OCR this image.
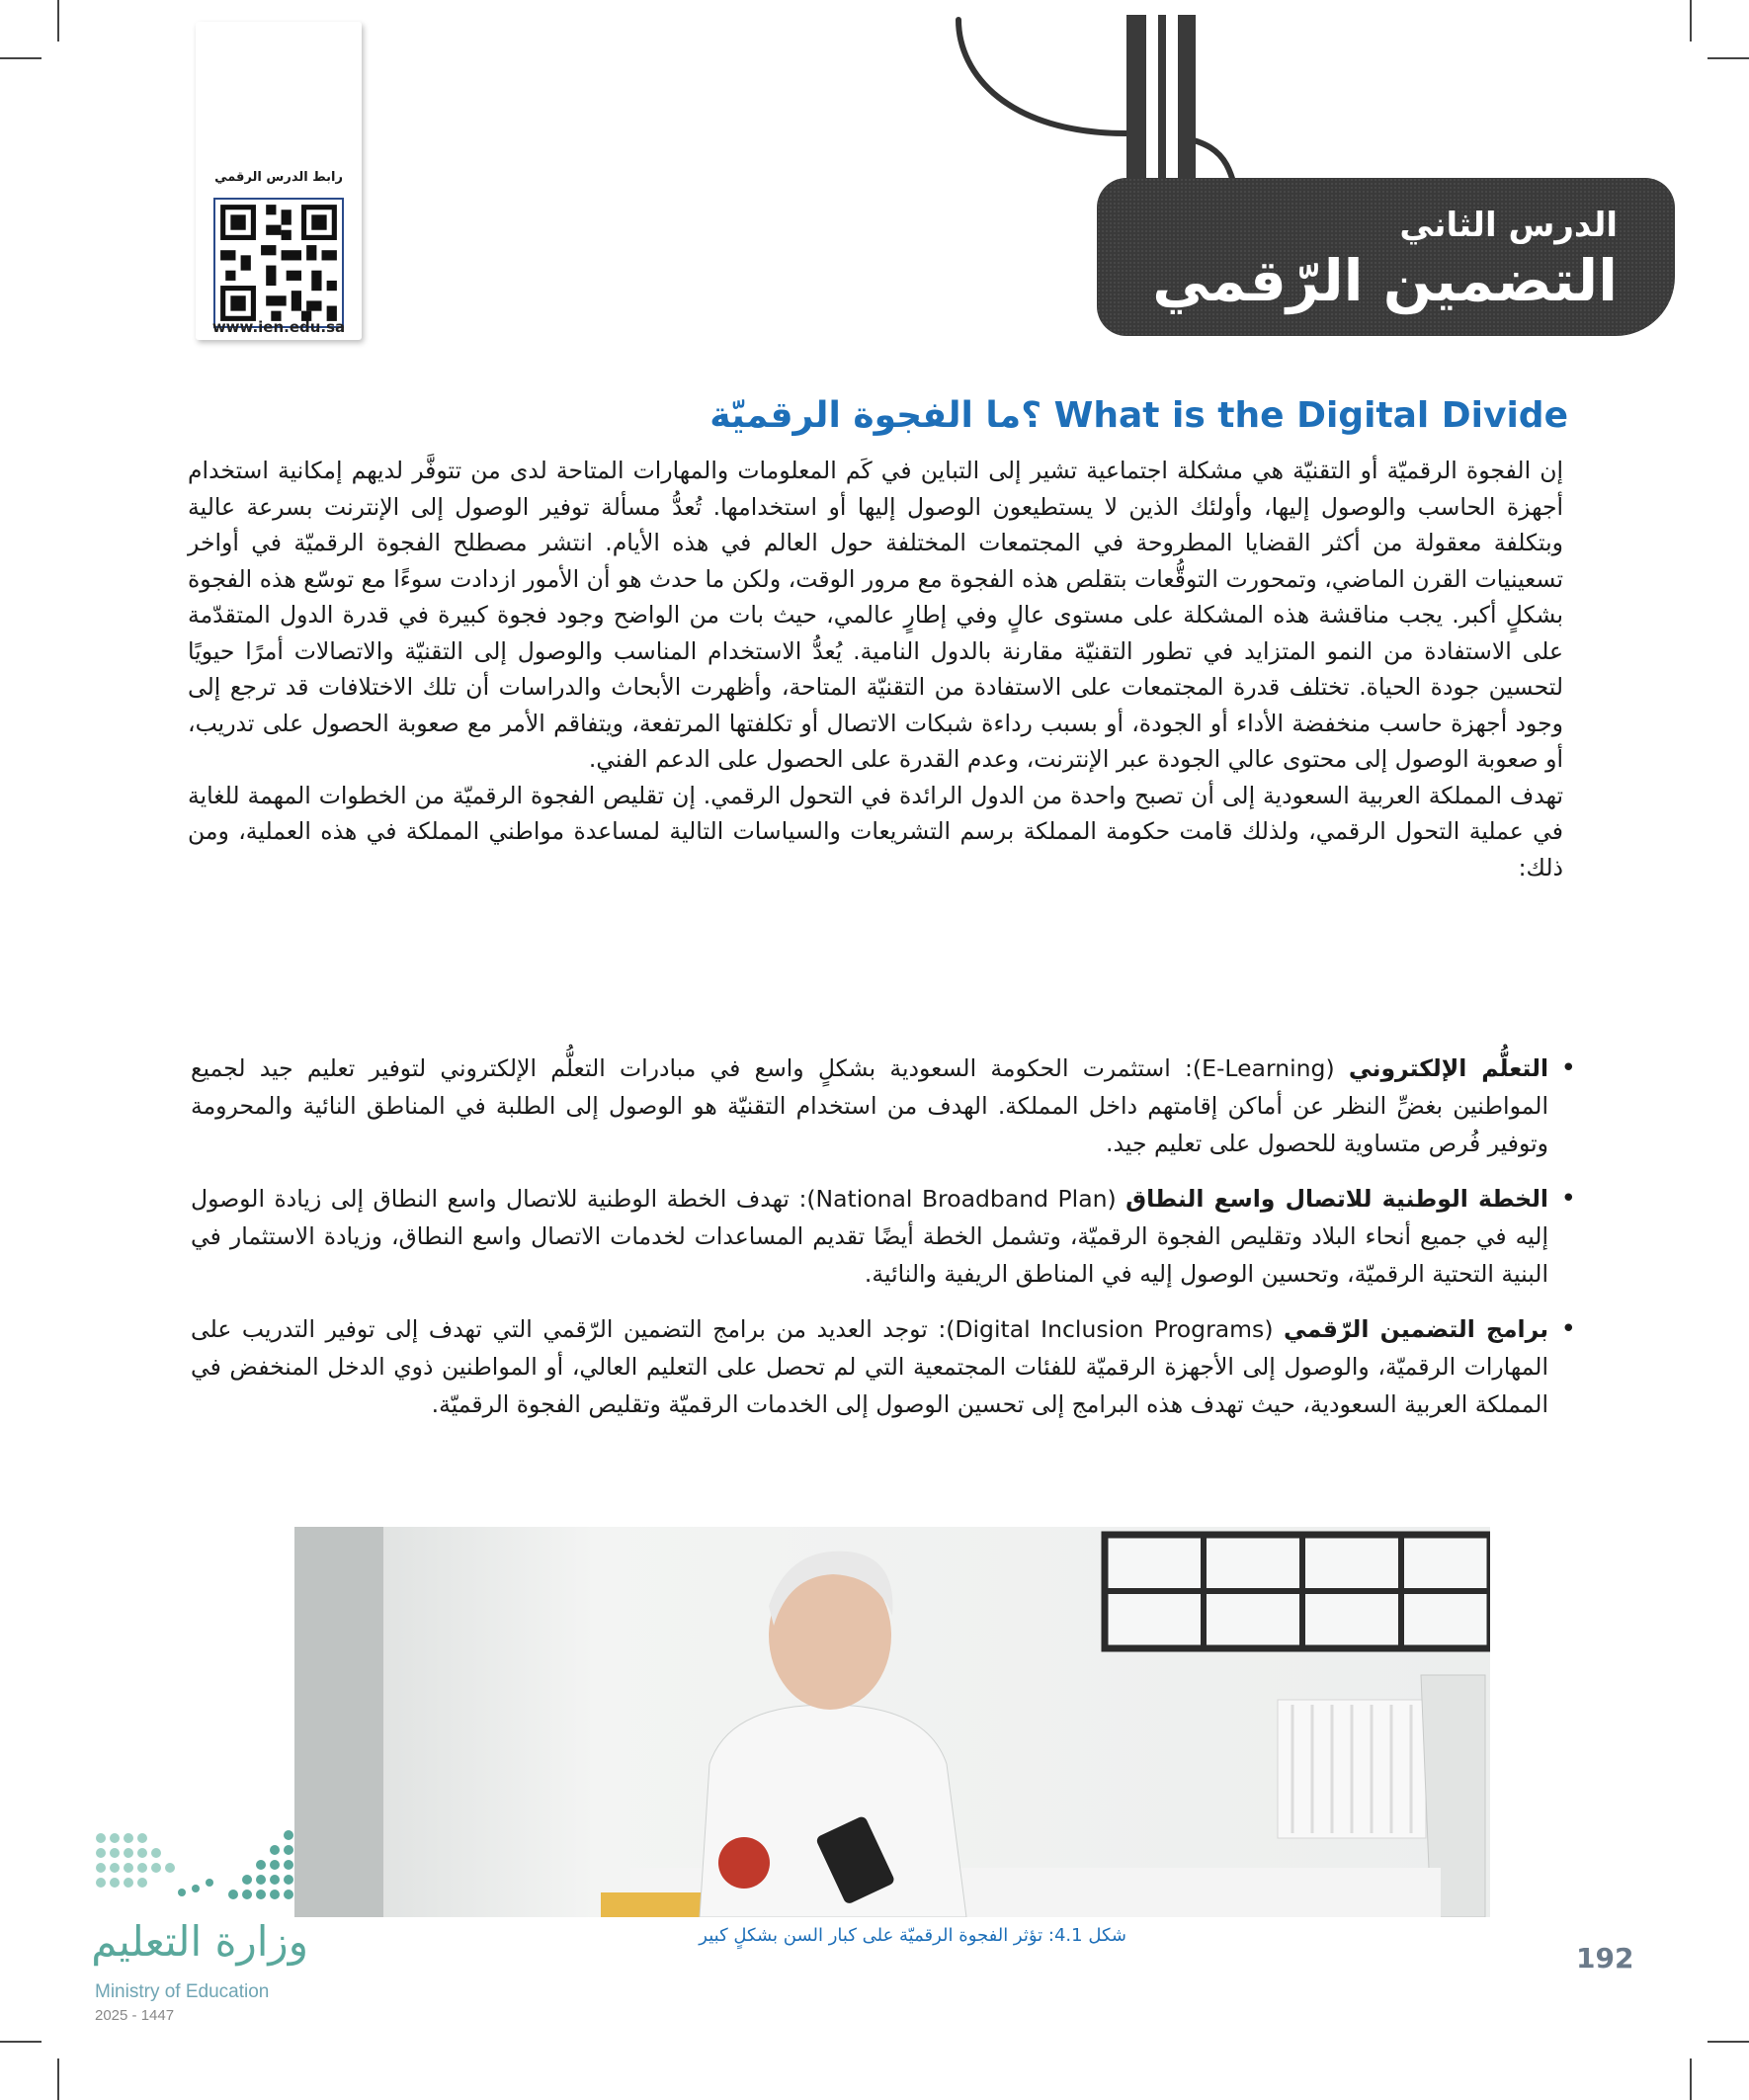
رابط الدرس الرقمي
www.ien.edu.sa
الدرس الثاني
التضمين الرّقمي
What is the Digital Divide ؟ما الفجوة الرقميّة

إن الفجوة الرقميّة أو التقنيّة هي مشكلة اجتماعية تشير إلى التباين في كَم المعلومات والمهارات المتاحة لدى من تتوفَّر لديهم إمكانية استخدام أجهزة الحاسب والوصول إليها، وأولئك الذين لا يستطيعون الوصول إليها أو استخدامها. تُعدُّ مسألة توفير الوصول إلى الإنترنت بسرعة عالية وبتكلفة معقولة من أكثر القضايا المطروحة في المجتمعات المختلفة حول العالم في هذه الأيام. انتشر مصطلح الفجوة الرقميّة في أواخر تسعينيات القرن الماضي، وتمحورت التوقُّعات بتقلص هذه الفجوة مع مرور الوقت، ولكن ما حدث هو أن الأمور ازدادت سوءًا مع توسّع هذه الفجوة بشكلٍ أكبر. يجب مناقشة هذه المشكلة على مستوى عالٍ وفي إطارٍ عالمي، حيث بات من الواضح وجود فجوة كبيرة في قدرة الدول المتقدّمة على الاستفادة من النمو المتزايد في تطور التقنيّة مقارنة بالدول النامية. يُعدُّ الاستخدام المناسب والوصول إلى التقنيّة والاتصالات أمرًا حيويًا لتحسين جودة الحياة. تختلف قدرة المجتمعات على الاستفادة من التقنيّة المتاحة، وأظهرت الأبحاث والدراسات أن تلك الاختلافات قد ترجع إلى وجود أجهزة حاسب منخفضة الأداء أو الجودة، أو بسبب رداءة شبكات الاتصال أو تكلفتها المرتفعة، ويتفاقم الأمر مع صعوبة الحصول على تدريب، أو صعوبة الوصول إلى محتوى عالي الجودة عبر الإنترنت، وعدم القدرة على الحصول على الدعم الفني.

تهدف المملكة العربية السعودية إلى أن تصبح واحدة من الدول الرائدة في التحول الرقمي. إن تقليص الفجوة الرقميّة من الخطوات المهمة للغاية في عملية التحول الرقمي، ولذلك قامت حكومة المملكة برسم التشريعات والسياسات التالية لمساعدة مواطني المملكة في هذه العملية، ومن ذلك:

• التعلُّم الإلكتروني (E-Learning): استثمرت الحكومة السعودية بشكلٍ واسع في مبادرات التعلُّم الإلكتروني لتوفير تعليم جيد لجميع المواطنين بغضِّ النظر عن أماكن إقامتهم داخل المملكة. الهدف من استخدام التقنيّة هو الوصول إلى الطلبة في المناطق النائية والمحرومة وتوفير فُرص متساوية للحصول على تعليم جيد.
• الخطة الوطنية للاتصال واسع النطاق (National Broadband Plan): تهدف الخطة الوطنية للاتصال واسع النطاق إلى زيادة الوصول إليه في جميع أنحاء البلاد وتقليص الفجوة الرقميّة، وتشمل الخطة أيضًا تقديم المساعدات لخدمات الاتصال واسع النطاق، وزيادة الاستثمار في البنية التحتية الرقميّة، وتحسين الوصول إليه في المناطق الريفية والنائية.
• برامج التضمين الرّقمي (Digital Inclusion Programs): توجد العديد من برامج التضمين الرّقمي التي تهدف إلى توفير التدريب على المهارات الرقميّة، والوصول إلى الأجهزة الرقميّة للفئات المجتمعية التي لم تحصل على التعليم العالي، أو المواطنين ذوي الدخل المنخفض في المملكة العربية السعودية، حيث تهدف هذه البرامج إلى تحسين الوصول إلى الخدمات الرقميّة وتقليص الفجوة الرقميّة.
شكل 4.1: تؤثر الفجوة الرقميّة على كبار السن بشكلٍ كبير
192
وزارة التعليم
Ministry of Education
2025 - 1447
